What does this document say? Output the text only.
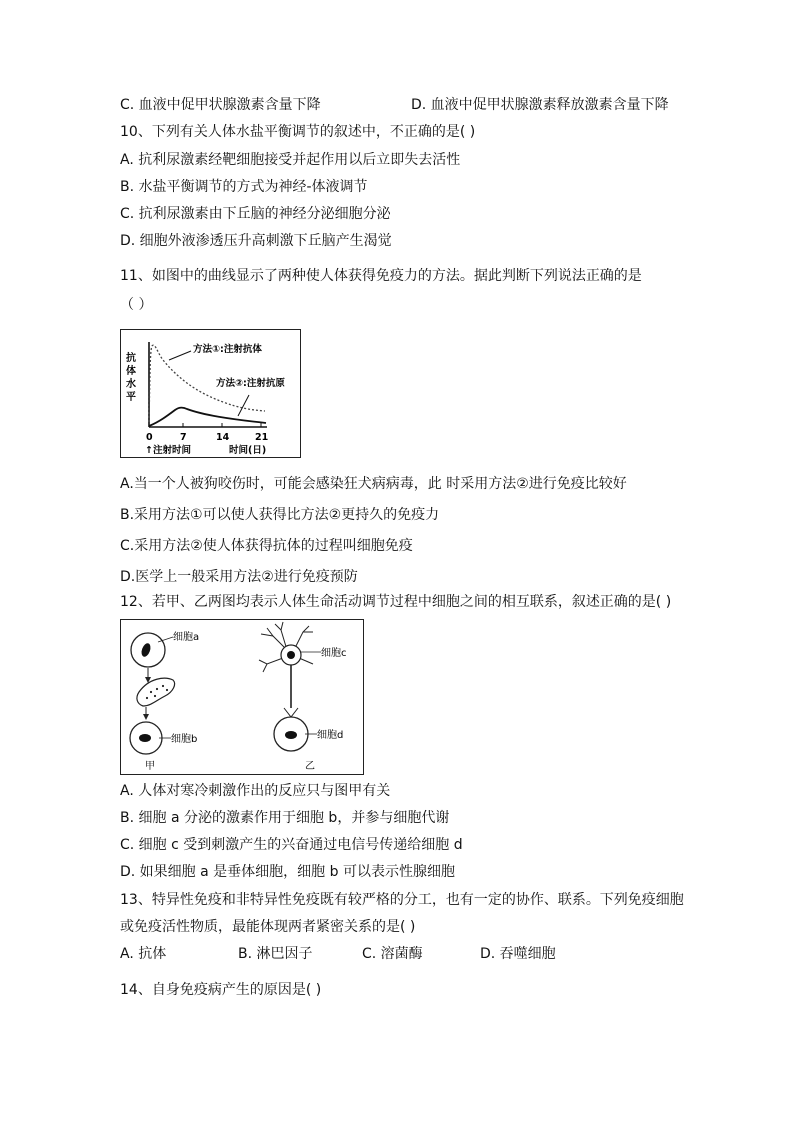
C. 血液中促甲状腺激素含量下降	D. 血液中促甲状腺激素释放激素含量下降
10、下列有关人体水盐平衡调节的叙述中，不正确的是( )
A. 抗利尿激素经靶细胞接受并起作用以后立即失去活性
B. 水盐平衡调节的方式为神经-体液调节
C. 抗利尿激素由下丘脑的神经分泌细胞分泌
D. 细胞外液渗透压升高刺激下丘脑产生渴觉
11、如图中的曲线显示了两种使人体获得免疫力的方法。据此判断下列说法正确的是
（ ）
抗 体 水 平
方法①:注射抗体
方法②:注射抗原
0	7	14	21
↑注射时间	时间(日)
A.当一个人被狗咬伤时，可能会感染狂犬病病毒，此 时采用方法②进行免疫比较好
B.采用方法①可以使人获得比方法②更持久的免疫力
C.采用方法②使人体获得抗体的过程叫细胞免疫
D.医学上一般采用方法②进行免疫预防
12、若甲、乙两图均表示人体生命活动调节过程中细胞之间的相互联系，叙述正确的是( )
细胞a
细胞b
甲
细胞c
细胞d
乙
A. 人体对寒冷刺激作出的反应只与图甲有关
B. 细胞 a 分泌的激素作用于细胞 b，并参与细胞代谢
C. 细胞 c 受到刺激产生的兴奋通过电信号传递给细胞 d
D. 如果细胞 a 是垂体细胞，细胞 b 可以表示性腺细胞
13、特异性免疫和非特异性免疫既有较严格的分工，也有一定的协作、联系。下列免疫细胞
或免疫活性物质，最能体现两者紧密关系的是( )
A. 抗体	B. 淋巴因子	C. 溶菌酶	D. 吞噬细胞
14、自身免疫病产生的原因是( )
